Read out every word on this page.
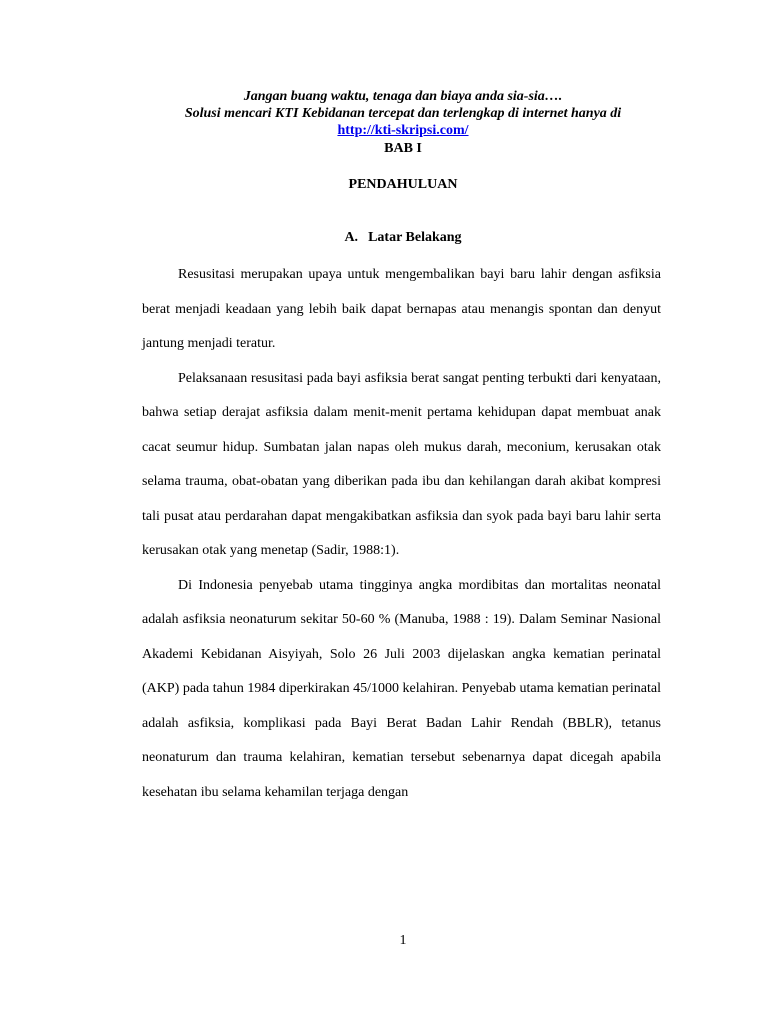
Jangan buang waktu, tenaga dan biaya anda sia-sia….
Solusi mencari KTI Kebidanan tercepat dan terlengkap di internet hanya di
http://kti-skripsi.com/
BAB I
PENDAHULUAN
A. Latar Belakang

Resusitasi merupakan upaya untuk mengembalikan bayi baru lahir dengan asfiksia berat menjadi keadaan yang lebih baik dapat bernapas atau menangis spontan dan denyut jantung menjadi teratur.

Pelaksanaan resusitasi pada bayi asfiksia berat sangat penting terbukti dari kenyataan, bahwa setiap derajat asfiksia dalam menit-menit pertama kehidupan dapat membuat anak cacat seumur hidup. Sumbatan jalan napas oleh mukus darah, meconium, kerusakan otak selama trauma, obat-obatan yang diberikan pada ibu dan kehilangan darah akibat kompresi tali pusat atau perdarahan dapat mengakibatkan asfiksia dan syok pada bayi baru lahir serta kerusakan otak yang menetap (Sadir, 1988:1).

Di Indonesia penyebab utama tingginya angka mordibitas dan mortalitas neonatal adalah asfiksia neonaturum sekitar 50-60 % (Manuba, 1988 : 19). Dalam Seminar Nasional Akademi Kebidanan Aisyiyah, Solo 26 Juli 2003 dijelaskan angka kematian perinatal (AKP) pada tahun 1984 diperkirakan 45/1000 kelahiran. Penyebab utama kematian perinatal adalah asfiksia, komplikasi pada Bayi Berat Badan Lahir Rendah (BBLR), tetanus neonaturum dan trauma kelahiran, kematian tersebut sebenarnya dapat dicegah apabila kesehatan ibu selama kehamilan terjaga dengan

1
